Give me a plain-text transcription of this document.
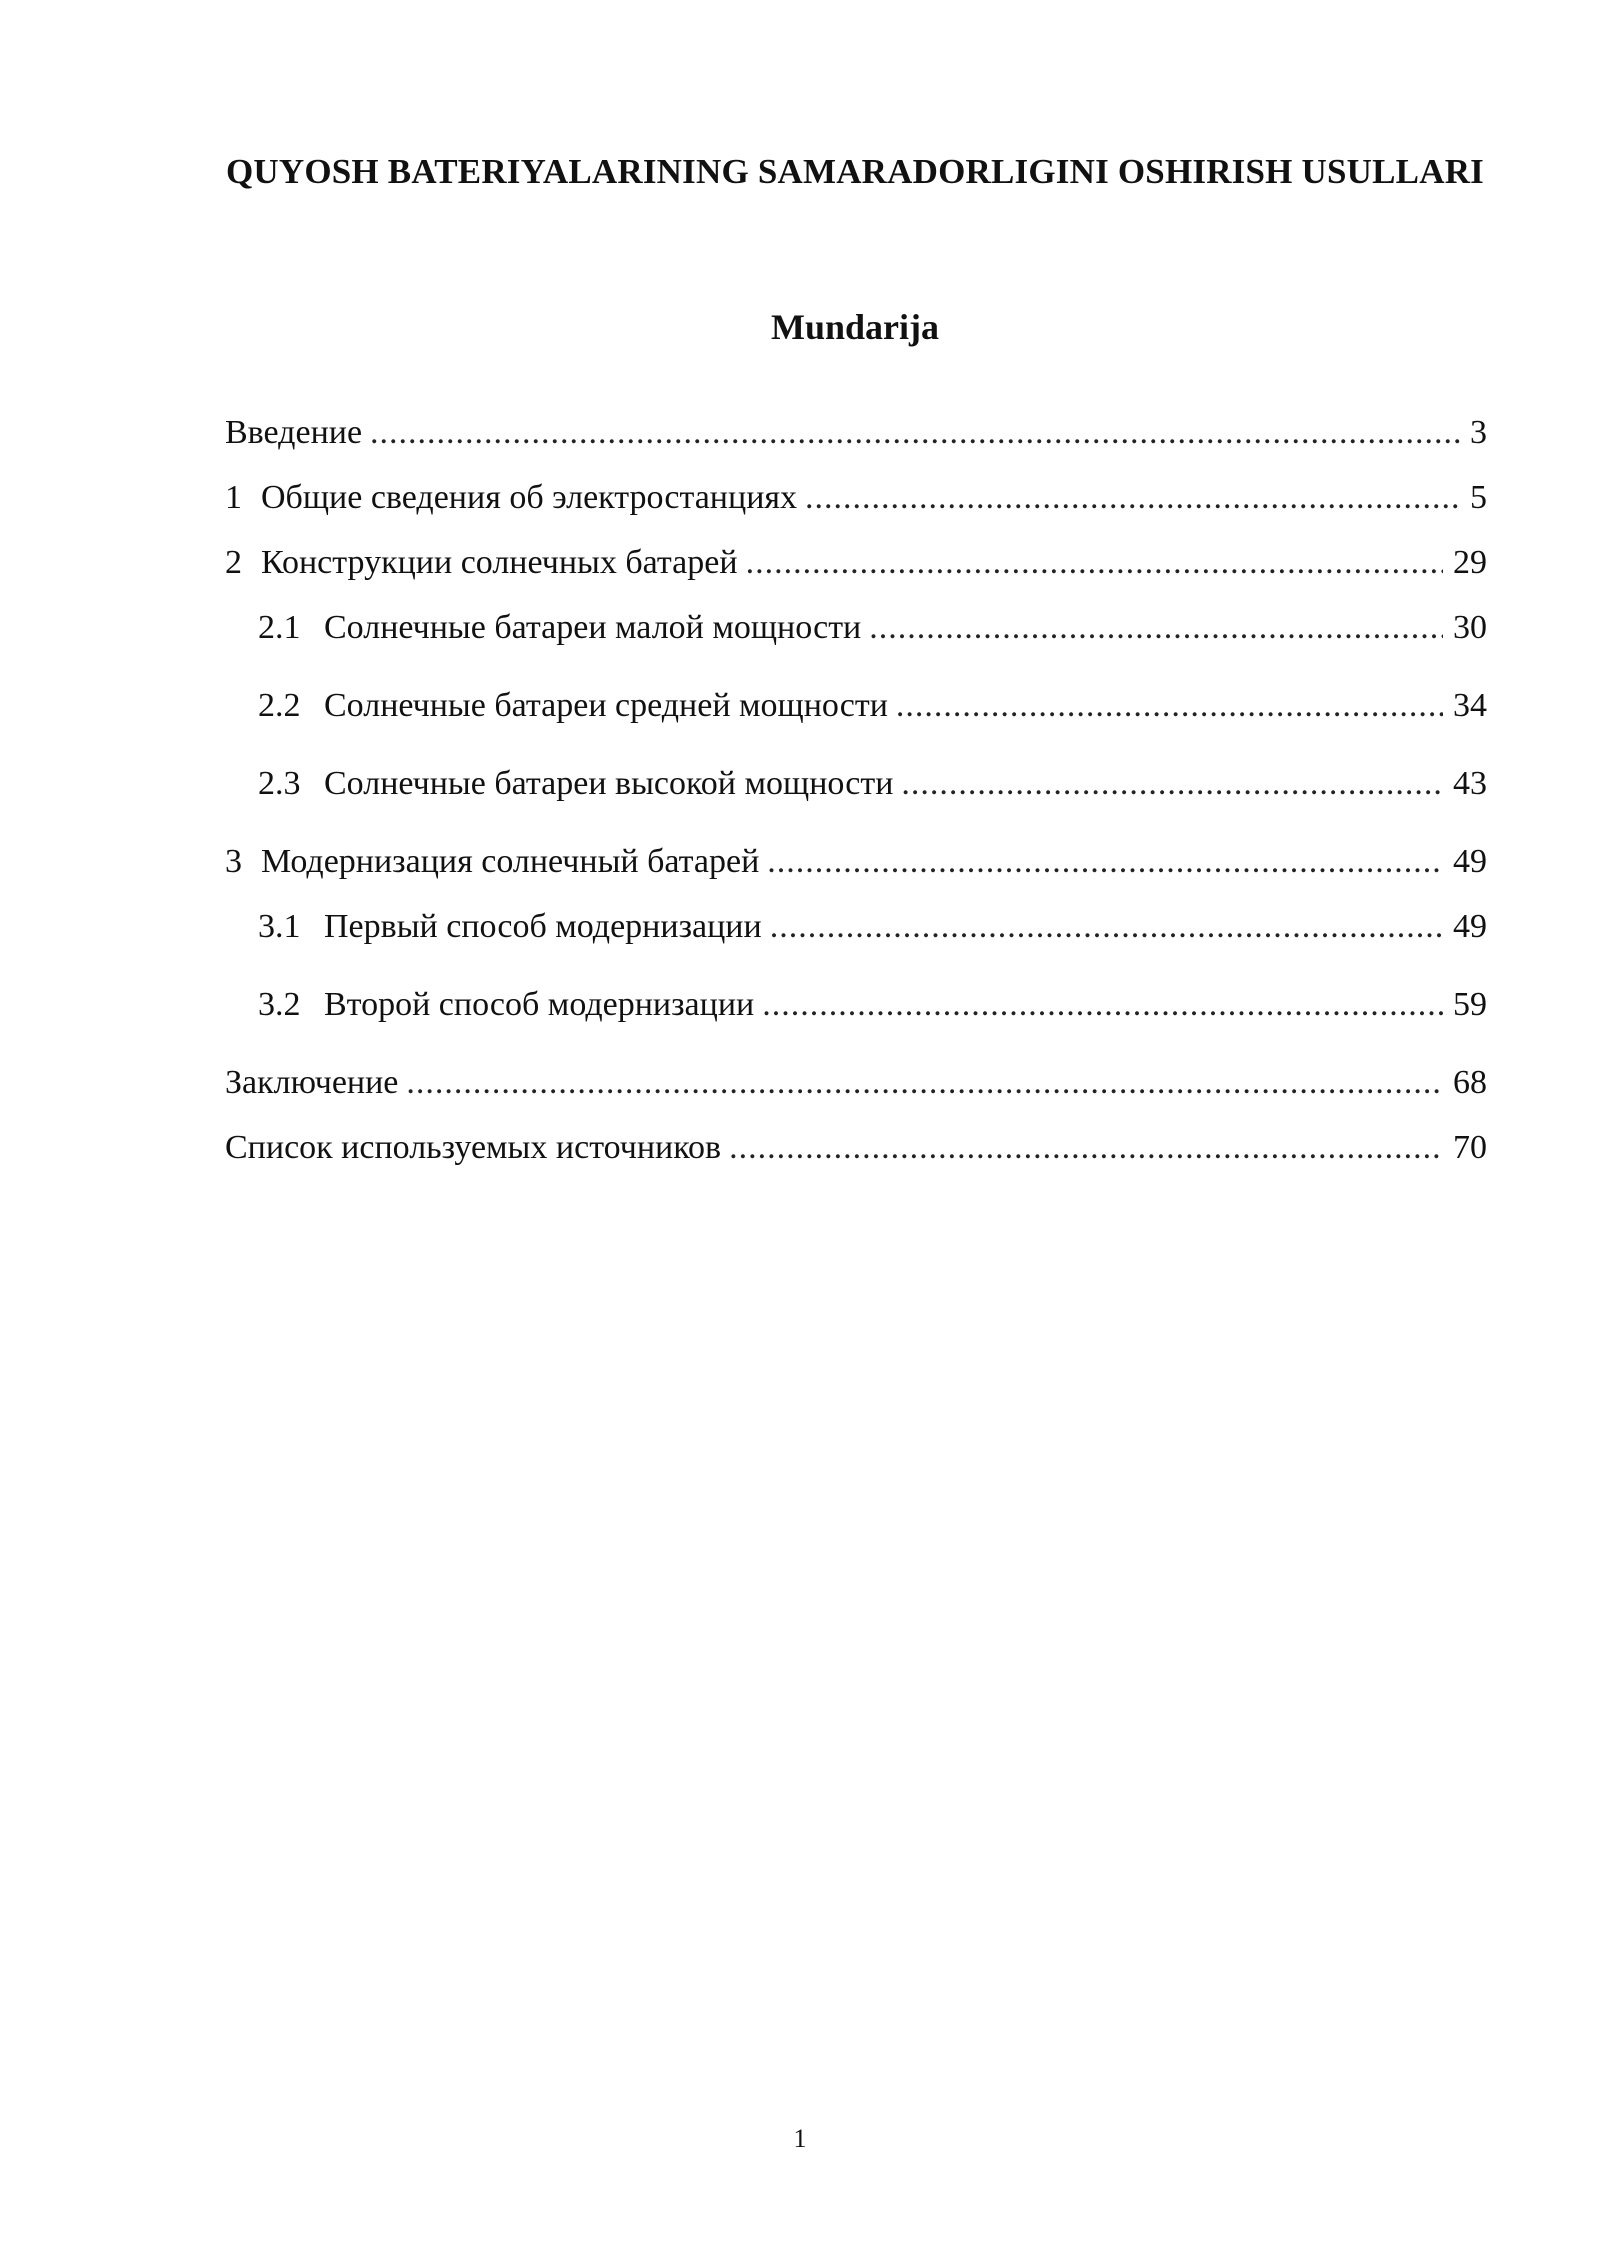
QUYOSH BATERIYALARINING SAMARADORLIGINI OSHIRISH USULLARI
Mundarija
Введение .....	3
1 Общие сведения об электростанциях .....	5
2 Конструкции солнечных батарей .....	29
2.1 Солнечные батареи малой мощности .....	30
2.2 Солнечные батареи средней мощности .....	34
2.3 Солнечные батареи высокой мощности .....	43
3 Модернизация солнечный батарей .....	49
3.1 Первый способ модернизации .....	49
3.2 Второй способ модернизации .....	59
Заключение .....	68
Список используемых источников .....	70
1
